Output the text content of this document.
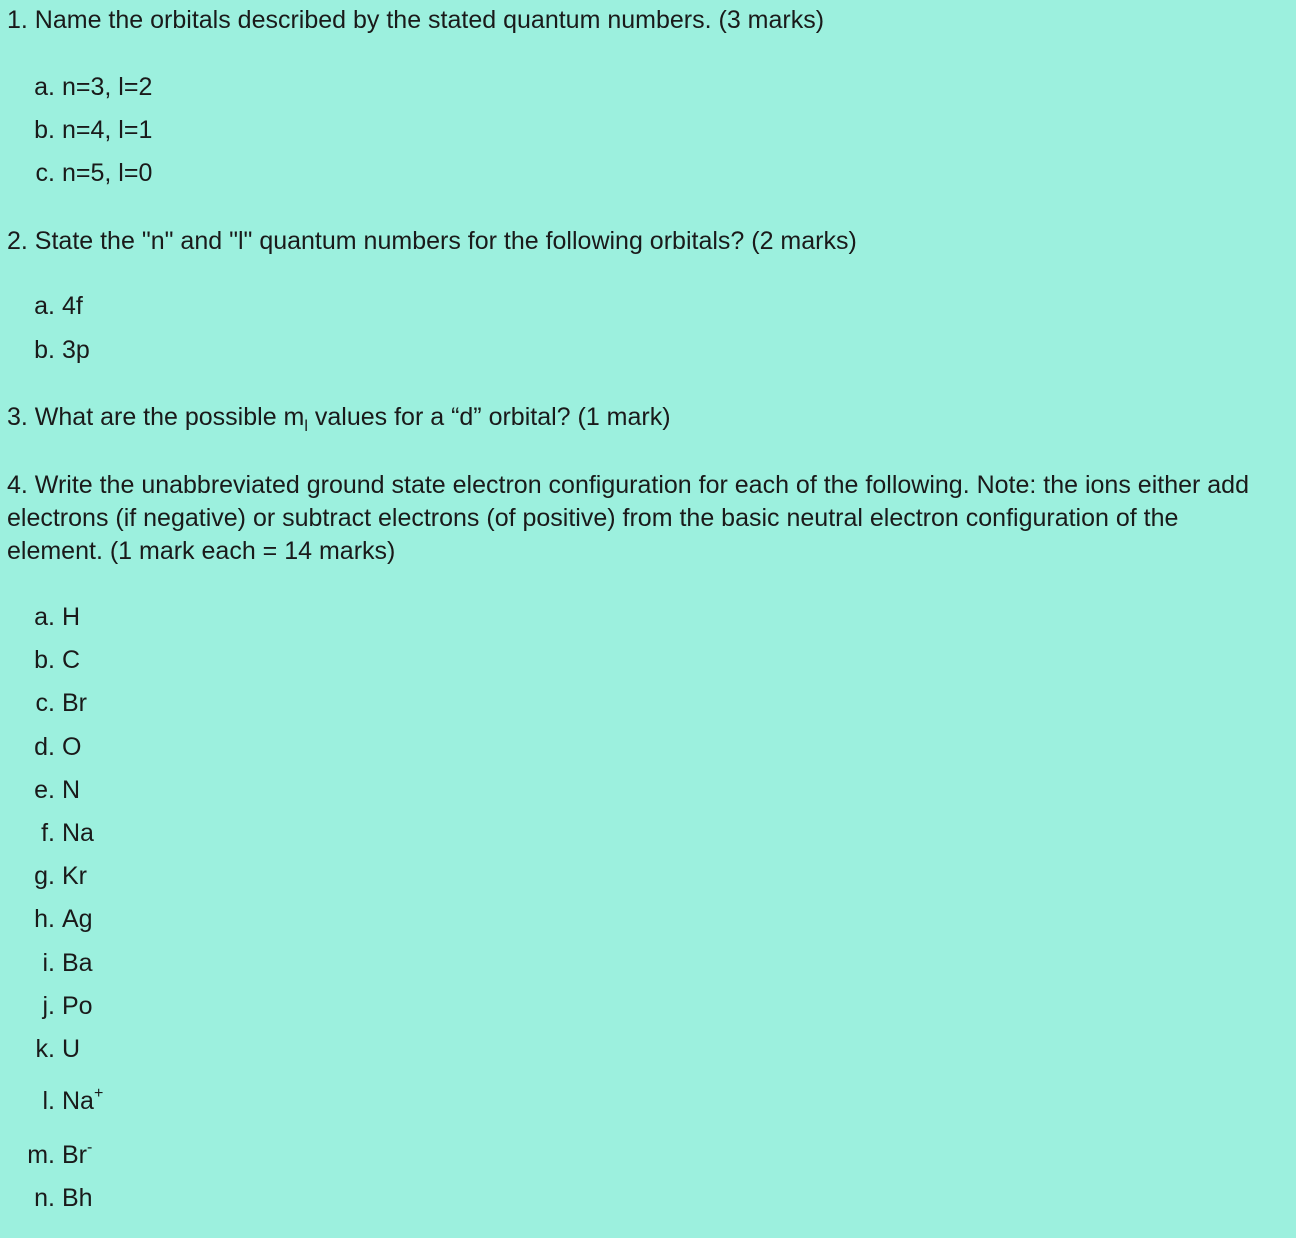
1. Name the orbitals described by the stated quantum numbers. (3 marks)
a. n=3, l=2
b. n=4, l=1
c. n=5, l=0
2. State the "n" and "l" quantum numbers for the following orbitals? (2 marks)
a. 4f
b. 3p
3. What are the possible $m_l$ values for a “d” orbital? (1 mark)
4. Write the unabbreviated ground state electron configuration for each of the following. Note: the ions either add electrons (if negative) or subtract electrons (of positive) from the basic neutral electron configuration of the element. (1 mark each = 14 marks)
a. H
b. C
c. Br
d. O
e. N
f. Na
g. Kr
h. Ag
i. Ba
j. Po
k. U
l. Na+
m. Br-
n. Bh
